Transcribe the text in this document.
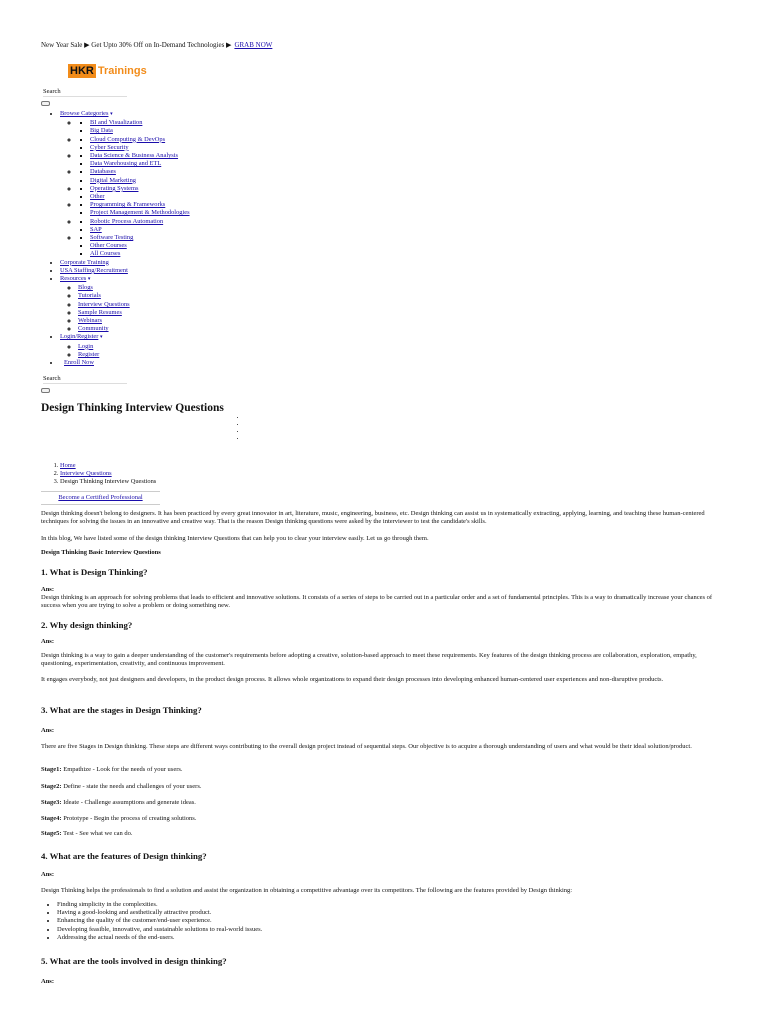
New Year Sale ▶ Get Upto 30% Off on In-Demand Technologies ▶ GRAB NOW
HKR Trainings
Search
• Browse Categories ▾
▪ ◦ BI and Visualization
▪ Big Data
▪ ◦ Cloud Computing & DevOps
▪ Cyber Security
▪ ◦ Data Science & Business Analysis
▪ Data Warehousing and ETL
▪ ◦ Databases
▪ Digital Marketing
▪ ◦ Operating Systems
▪ Other
▪ ◦ Programming & Frameworks
▪ Project Management & Methodologies
▪ ◦ Robotic Process Automation
▪ SAP
▪ ◦ Software Testing
▪ Other Courses
▪ All Courses
• Corporate Training
• USA Staffing/Recruitment
• Resources ▾
◦ Blogs
◦ Tutorials
◦ Interview Questions
◦ Sample Resumes
◦ Webinars
◦ Community
• Login/Register ▾
◦ Login
◦ Register
• Enroll Now
Search
Design Thinking Interview Questions
•
•
•
•
1. Home
2. Interview Questions
3. Design Thinking Interview Questions
Become a Certified Professional

Design thinking doesn't belong to designers. It has been practiced by every great innovator in art, literature, music, engineering, business, etc. Design thinking can assist us in systematically extracting, applying, learning, and teaching these human-centered techniques for solving the issues in an innovative and creative way. That is the reason Design thinking questions were asked by the interviewer to test the candidate's skills.

In this blog, We have listed some of the design thinking Interview Questions that can help you to clear your interview easily. Let us go through them.

Design Thinking Basic Interview Questions
1. What is Design Thinking?
Ans:

Design thinking is an approach for solving problems that leads to efficient and innovative solutions. It consists of a series of steps to be carried out in a particular order and a set of fundamental principles. This is a way to dramatically increase your chances of success when you are trying to solve a problem or doing something new.

2. Why design thinking?
Ans:

Design thinking is a way to gain a deeper understanding of the customer's requirements before adopting a creative, solution-based approach to meet these requirements. Key features of the design thinking process are collaboration, exploration, empathy, questioning, experimentation, creativity, and continuous improvement.

It engages everybody, not just designers and developers, in the product design process. It allows whole organizations to expand their design processes into developing enhanced human-centered user experiences and non-disruptive products.

3. What are the stages in Design Thinking?
Ans:

There are five Stages in Design thinking. These steps are different ways contributing to the overall design project instead of sequential steps. Our objective is to acquire a thorough understanding of users and what would be their ideal solution/product.

Stage1: Empathize - Look for the needs of your users.

Stage2: Define - state the needs and challenges of your users.

Stage3: Ideate - Challenge assumptions and generate ideas.

Stage4: Prototype - Begin the process of creating solutions.

Stage5: Test - See what we can do.

4. What are the features of Design thinking?
Ans:

Design Thinking helps the professionals to find a solution and assist the organization in obtaining a competitive advantage over its competitors. The following are the features provided by Design thinking:

• Finding simplicity in the complexities.
• Having a good-looking and aesthetically attractive product.
• Enhancing the quality of the customer/end-user experience.
• Developing feasible, innovative, and sustainable solutions to real-world issues.
• Addressing the actual needs of the end-users.
5. What are the tools involved in design thinking?
Ans:
